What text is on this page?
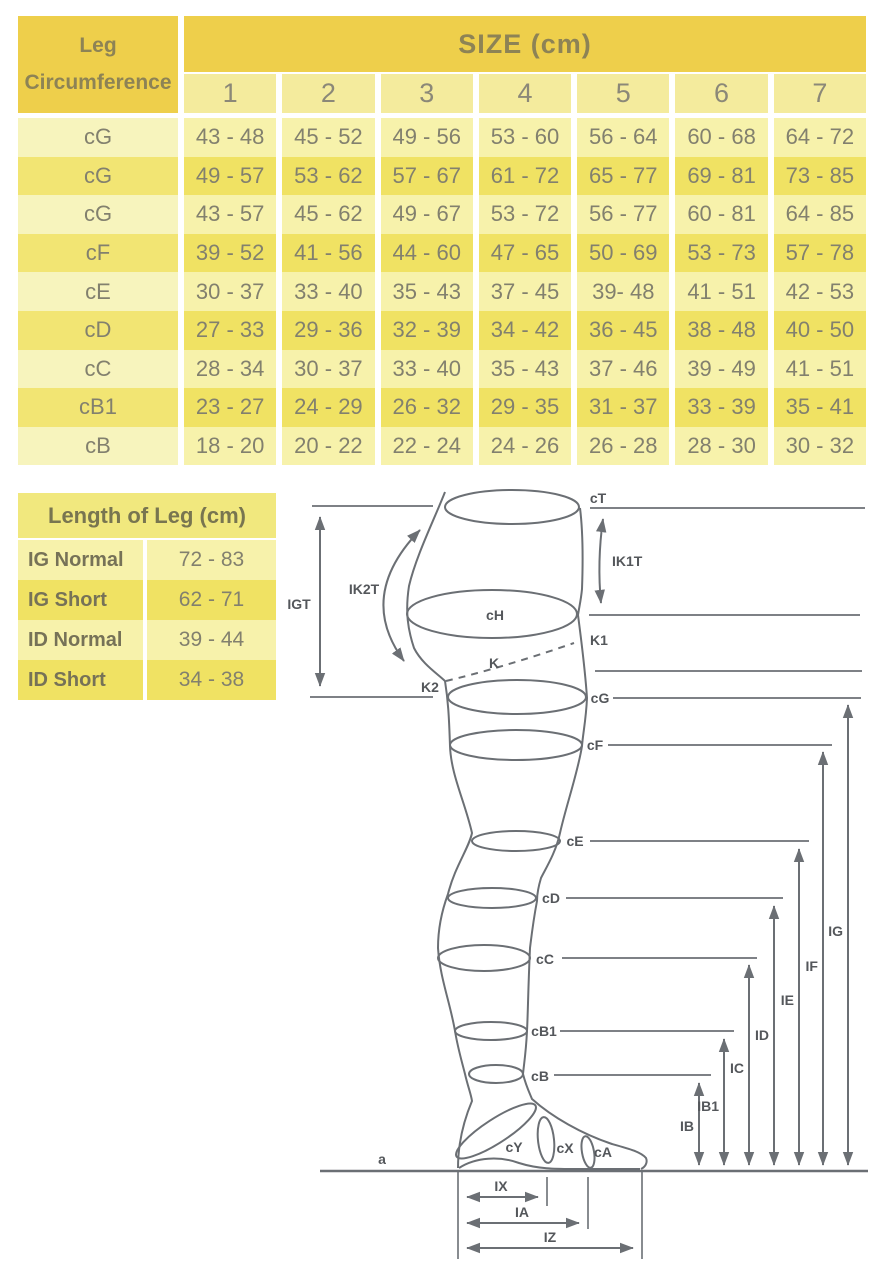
Leg
Circumference
SIZE (cm)
1	2	3	4	5	6	7
cG	43 - 48	45 - 52	49 - 56	53 - 60	56 - 64	60 - 68	64 - 72
cG	49 - 57	53 - 62	57 - 67	61 - 72	65 - 77	69 - 81	73 - 85
cG	43 - 57	45 - 62	49 - 67	53 - 72	56 - 77	60 - 81	64 - 85
cF	39 - 52	41 - 56	44 - 60	47 - 65	50 - 69	53 - 73	57 - 78
cE	30 - 37	33 - 40	35 - 43	37 - 45	39- 48	41 - 51	42 - 53
cD	27 - 33	29 - 36	32 - 39	34 - 42	36 - 45	38 - 48	40 - 50
cC	28 - 34	30 - 37	33 - 40	35 - 43	37 - 46	39 - 49	41 - 51
cB1	23 - 27	24 - 29	26 - 32	29 - 35	31 - 37	33 - 39	35 - 41
cB	18 - 20	20 - 22	22 - 24	24 - 26	26 - 28	28 - 30	30 - 32
Length of Leg (cm)
IG Normal	72 - 83
IG Short	62 - 71
ID Normal	39 - 44
ID Short	34 - 38
cT
IK1T
K1
cH
K
K2
IK2T
IGT
cG
cF
cE
cD
cC
cB1
cB
cY cX cA
a
IX
IA
IZ
IB
IB1
IC
ID
IE
IF
IG
